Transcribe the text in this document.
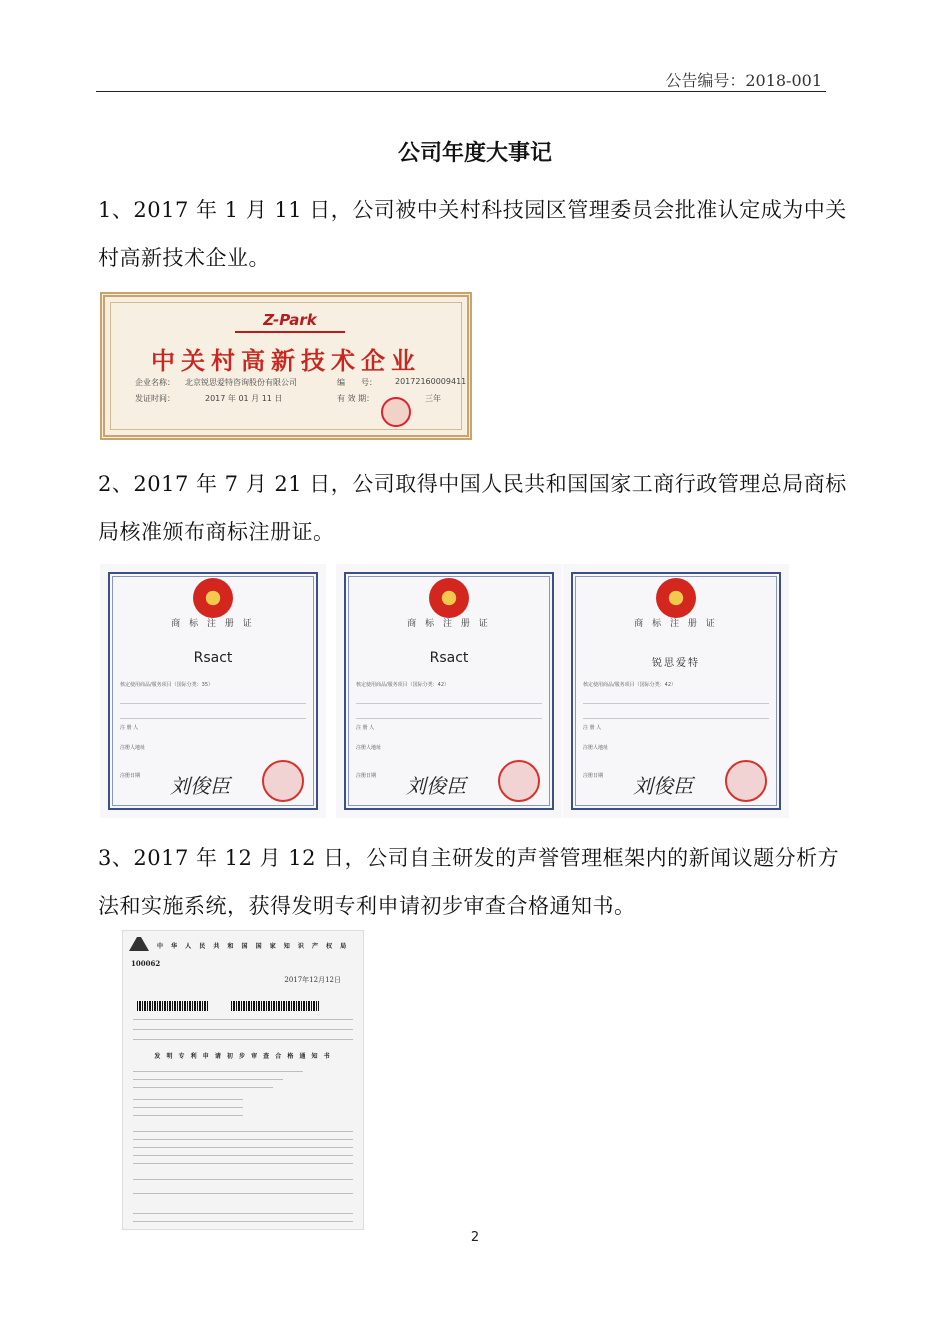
公告编号：2018-001
公司年度大事记
1、2017 年 1 月 11 日，公司被中关村科技园区管理委员会批准认定成为中关村高新技术企业。
Z-Park
中关村高新技术企业
企业名称： 北京锐思爱特咨询股份有限公司	编　　号： 20172160009411
发证时间：	2017 年 01 月 11 日	有 效 期：	三年
2、2017 年 7 月 21 日，公司取得中国人民共和国国家工商行政管理总局商标局核准颁布商标注册证。
商 标 注 册 证
Rsact
核定使用商品/服务项目（国际分类：35）
注 册 人
注册人地址
注册日期 刘俊臣
商 标 注 册 证
Rsact
核定使用商品/服务项目（国际分类：42）
注 册 人
注册人地址
注册日期 刘俊臣
商 标 注 册 证
锐思爱特
核定使用商品/服务项目（国际分类：42）
注 册 人
注册人地址
注册日期 刘俊臣
3、2017 年 12 月 12 日，公司自主研发的声誉管理框架内的新闻议题分析方法和实施系统，获得发明专利申请初步审查合格通知书。
中 华 人 民 共 和 国 国 家 知 识 产 权 局
100062
2017年12月12日
发 明 专 利 申 请 初 步 审 查 合 格 通 知 书
2
